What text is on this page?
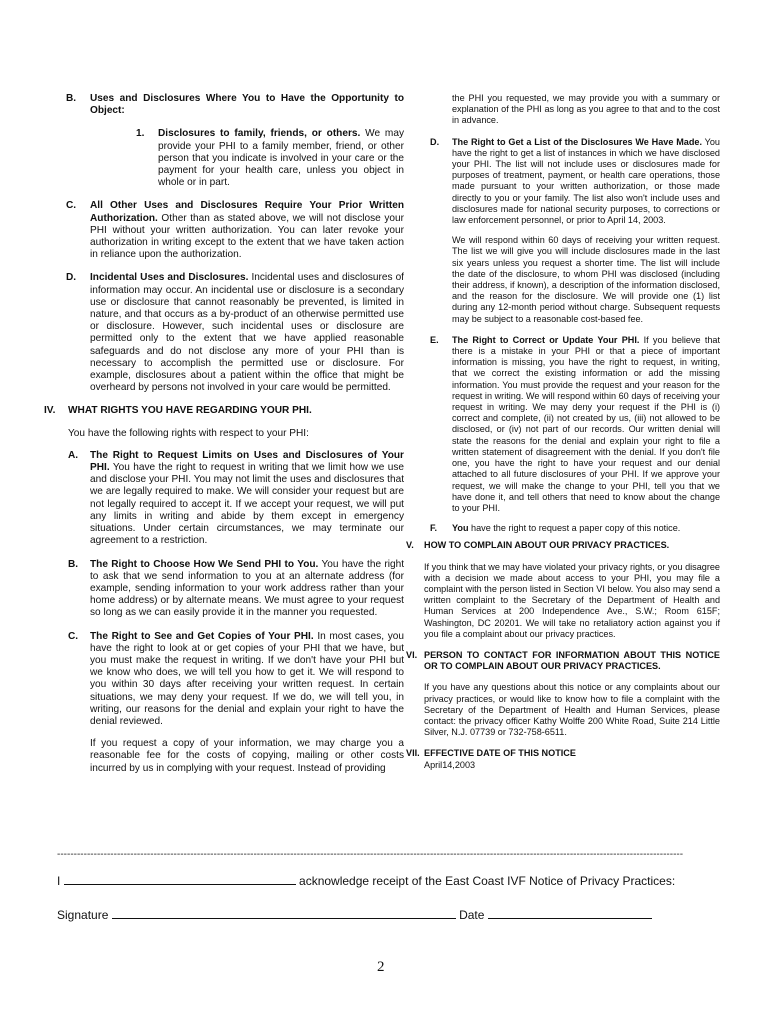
B.	Uses and Disclosures Where You to Have the Opportunity to Object:
1.	Disclosures to family, friends, or others. We may provide your PHI to a family member, friend, or other person that you indicate is involved in your care or the payment for your health care, unless you object in whole or in part.
C.	All Other Uses and Disclosures Require Your Prior Written Authorization. Other than as stated above, we will not disclose your PHI without your written authorization. You can later revoke your authorization in writing except to the extent that we have taken action in reliance upon the authorization.
D.	Incidental Uses and Disclosures. Incidental uses and disclosures of information may occur. An incidental use or disclosure is a secondary use or disclosure that cannot reasonably be prevented, is limited in nature, and that occurs as a by-product of an otherwise permitted use or disclosure. However, such incidental uses or disclosure are permitted only to the extent that we have applied reasonable safeguards and do not disclose any more of your PHI than is necessary to accomplish the permitted use or disclosure. For example, disclosures about a patient within the office that might be overheard by persons not involved in your care would be permitted.
IV.	WHAT RIGHTS YOU HAVE REGARDING YOUR PHI.

You have the following rights with respect to your PHI:

A.	The Right to Request Limits on Uses and Disclosures of Your PHI. You have the right to request in writing that we limit how we use and disclose your PHI. You may not limit the uses and disclosures that we are legally required to make. We will consider your request but are not legally required to accept it. If we accept your request, we will put any limits in writing and abide by them except in emergency situations. Under certain circumstances, we may terminate our agreement to a restriction.
B.	The Right to Choose How We Send PHI to You. You have the right to ask that we send information to you at an alternate address (for example, sending information to your work address rather than your home address) or by alternate means. We must agree to your request so long as we can easily provide it in the manner you requested.
C.	The Right to See and Get Copies of Your PHI. In most cases, you have the right to look at or get copies of your PHI that we have, but you must make the request in writing. If we don't have your PHI but we know who does, we will tell you how to get it. We will respond to you within 30 days after receiving your written request. In certain situations, we may deny your request. If we do, we will tell you, in writing, our reasons for the denial and explain your right to have the denial reviewed.

If you request a copy of your information, we may charge you a reasonable fee for the costs of copying, mailing or other costs incurred by us in complying with your request. Instead of providing

the PHI you requested, we may provide you with a summary or explanation of the PHI as long as you agree to that and to the cost in advance.

D.	The Right to Get a List of the Disclosures We Have Made. You have the right to get a list of instances in which we have disclosed your PHI. The list will not include uses or disclosures made for purposes of treatment, payment, or health care operations, those made pursuant to your written authorization, or those made directly to you or your family. The list also won't include uses and disclosures made for national security purposes, to corrections or law enforcement personnel, or prior to April 14, 2003.

We will respond within 60 days of receiving your written request. The list we will give you will include disclosures made in the last six years unless you request a shorter time. The list will include the date of the disclosure, to whom PHI was disclosed (including their address, if known), a description of the information disclosed, and the reason for the disclosure. We will provide one (1) list during any 12-month period without charge. Subsequent requests may be subject to a reasonable cost-based fee.

E.	The Right to Correct or Update Your PHI. If you believe that there is a mistake in your PHI or that a piece of important information is missing, you have the right to request, in writing, that we correct the existing information or add the missing information. You must provide the request and your reason for the request in writing. We will respond within 60 days of receiving your request in writing. We may deny your request if the PHI is (i) correct and complete, (ii) not created by us, (iii) not allowed to be disclosed, or (iv) not part of our records. Our written denial will state the reasons for the denial and explain your right to file a written statement of disagreement with the denial. If you don't file one, you have the right to have your request and our denial attached to all future disclosures of your PHI. If we approve your request, we will make the change to your PHI, tell you that we have done it, and tell others that need to know about the change to your PHI.
F.	You have the right to request a paper copy of this notice.
V.	HOW TO COMPLAIN ABOUT OUR PRIVACY PRACTICES.

If you think that we may have violated your privacy rights, or you disagree with a decision we made about access to your PHI, you may file a complaint with the person listed in Section VI below. You also may send a written complaint to the Secretary of the Department of Health and Human Services at 200 Independence Ave., S.W.; Room 615F; Washington, DC 20201. We will take no retaliatory action against you if you file a complaint about our privacy practices.

VI. PERSON TO CONTACT FOR INFORMATION ABOUT THIS NOTICE OR TO COMPLAIN ABOUT OUR PRIVACY PRACTICES.

If you have any questions about this notice or any complaints about our privacy practices, or would like to know how to file a complaint with the Secretary of the Department of Health and Human Services, please contact: the privacy officer Kathy Wolffe 200 White Road, Suite 214 Little Silver, N.J. 07739 or 732-758-6511.

VII. EFFECTIVE DATE OF THIS NOTICE
April14,2003
--------------------------------------------------------------------------------------------------------------------------------------------------------------------------------------------
I	acknowledge receipt of the East Coast IVF Notice of Privacy Practices:
Signature	Date
2
